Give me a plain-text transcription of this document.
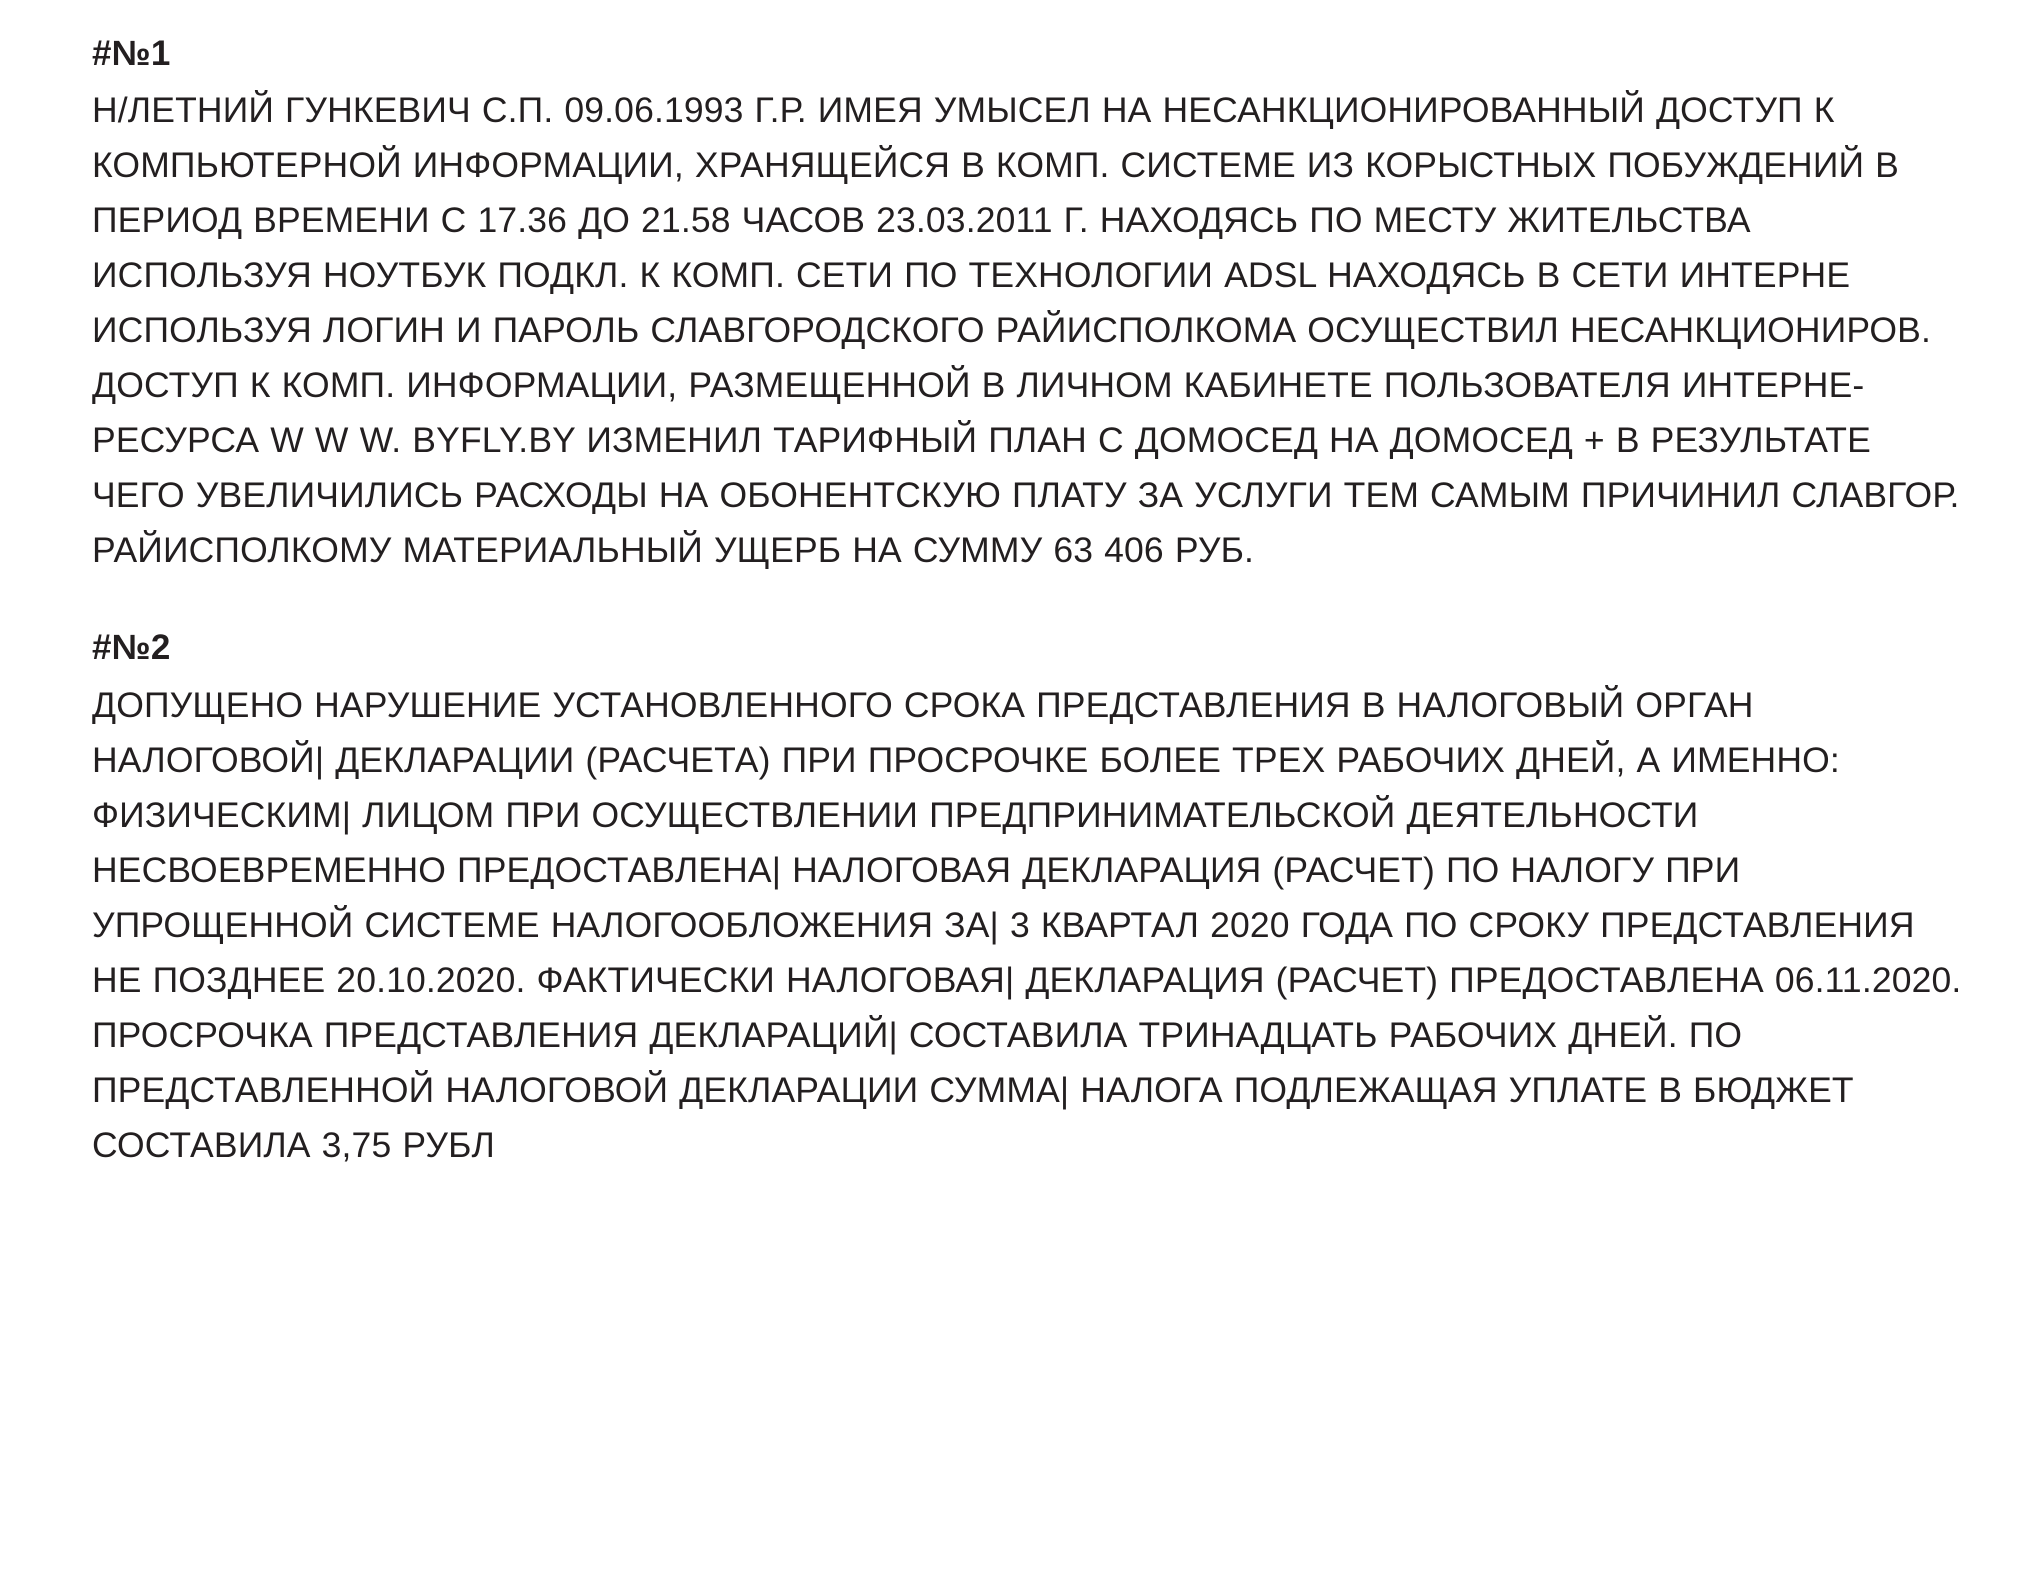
#№1

Н/ЛЕТНИЙ ГУНКЕВИЧ С.П. 09.06.1993 Г.Р. ИМЕЯ УМЫСЕЛ НА НЕСАНКЦИОНИРОВАННЫЙ ДОСТУП К КОМПЬЮТЕРНОЙ ИНФОРМАЦИИ, ХРАНЯЩЕЙСЯ В КОМП. СИСТЕМЕ ИЗ КОРЫСТНЫХ ПОБУЖДЕНИЙ В ПЕРИОД ВРЕМЕНИ С 17.36 ДО 21.58 ЧАСОВ 23.03.2011 Г. НАХОДЯСЬ ПО МЕСТУ ЖИТЕЛЬСТВА ИСПОЛЬЗУЯ НОУТБУК ПОДКЛ. К КОМП. СЕТИ ПО ТЕХНОЛОГИИ ADSL НАХОДЯСЬ В СЕТИ ИНТЕРНЕ ИСПОЛЬЗУЯ ЛОГИН И ПАРОЛЬ СЛАВГОРОДСКОГО РАЙИСПОЛКОМА ОСУЩЕСТВИЛ НЕСАНКЦИОНИРОВ. ДОСТУП К КОМП. ИНФОРМАЦИИ, РАЗМЕЩЕННОЙ В ЛИЧНОМ КАБИНЕТЕ ПОЛЬЗОВАТЕЛЯ ИНТЕРНЕ-РЕСУРСА W W W. BYFLY.BY ИЗМЕНИЛ ТАРИФНЫЙ ПЛАН С ДОМОСЕД НА ДОМОСЕД + В РЕЗУЛЬТАТЕ ЧЕГО УВЕЛИЧИЛИСЬ РАСХОДЫ НА ОБОНЕНТСКУЮ ПЛАТУ ЗА УСЛУГИ ТЕМ САМЫМ ПРИЧИНИЛ СЛАВГОР. РАЙИСПОЛКОМУ МАТЕРИАЛЬНЫЙ УЩЕРБ НА СУММУ 63 406 РУБ.

#№2

ДОПУЩЕНО НАРУШЕНИЕ УСТАНОВЛЕННОГО СРОКА ПРЕДСТАВЛЕНИЯ В НАЛОГОВЫЙ ОРГАН НАЛОГОВОЙ| ДЕКЛАРАЦИИ (РАСЧЕТА) ПРИ ПРОСРОЧКЕ БОЛЕЕ ТРЕХ РАБОЧИХ ДНЕЙ, А ИМЕННО: ФИЗИЧЕСКИМ| ЛИЦОМ ПРИ ОСУЩЕСТВЛЕНИИ ПРЕДПРИНИМАТЕЛЬСКОЙ ДЕЯТЕЛЬНОСТИ НЕСВОЕВРЕМЕННО ПРЕДОСТАВЛЕНА| НАЛОГОВАЯ ДЕКЛАРАЦИЯ (РАСЧЕТ) ПО НАЛОГУ ПРИ УПРОЩЕННОЙ СИСТЕМЕ НАЛОГООБЛОЖЕНИЯ ЗА| 3 КВАРТАЛ 2020 ГОДА ПО СРОКУ ПРЕДСТАВЛЕНИЯ НЕ ПОЗДНЕЕ 20.10.2020. ФАКТИЧЕСКИ НАЛОГОВАЯ| ДЕКЛАРАЦИЯ (РАСЧЕТ) ПРЕДОСТАВЛЕНА 06.11.2020. ПРОСРОЧКА ПРЕДСТАВЛЕНИЯ ДЕКЛАРАЦИЙ| СОСТАВИЛА ТРИНАДЦАТЬ РАБОЧИХ ДНЕЙ. ПО ПРЕДСТАВЛЕННОЙ НАЛОГОВОЙ ДЕКЛАРАЦИИ СУММА| НАЛОГА ПОДЛЕЖАЩАЯ УПЛАТЕ В БЮДЖЕТ СОСТАВИЛА 3,75 РУБЛ
